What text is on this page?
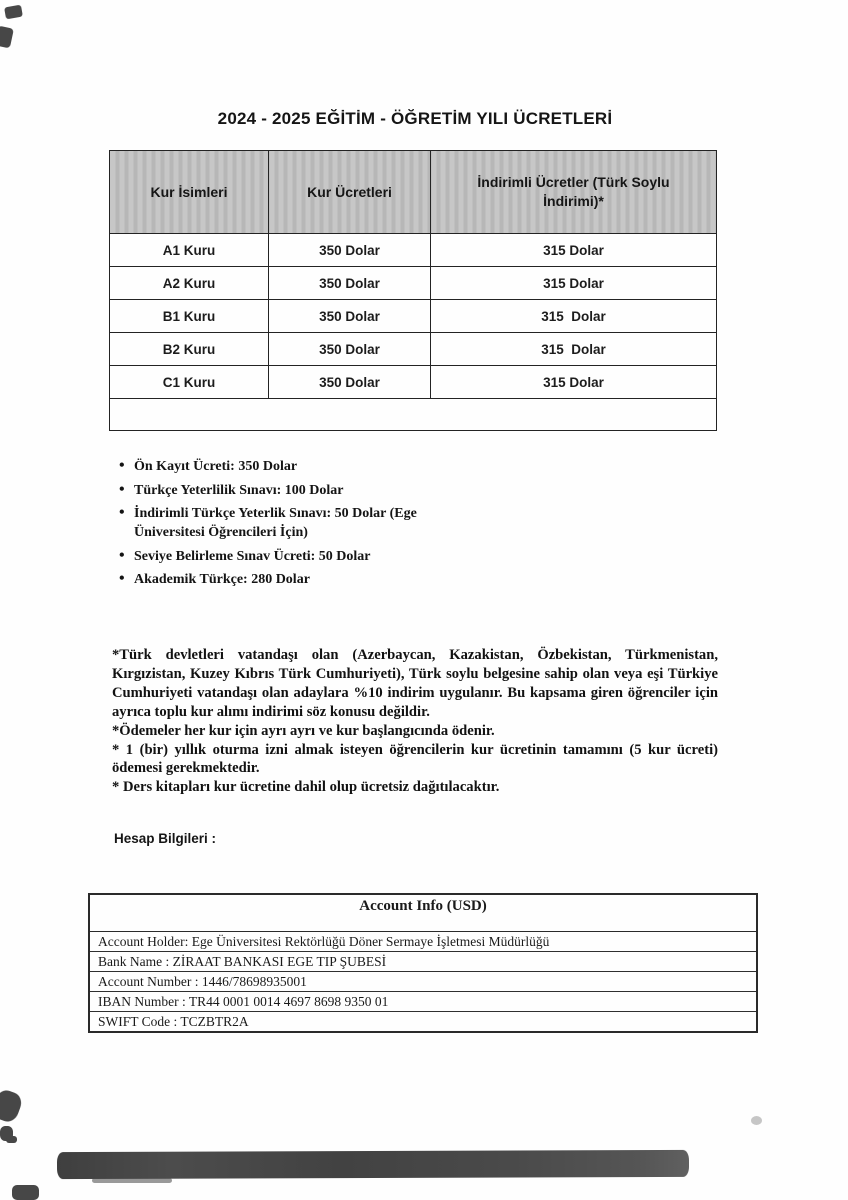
2024 - 2025 EĞİTİM - ÖĞRETİM YILI ÜCRETLERİ
Kur İsimleri	Kur Ücretleri	İndirimli Ücretler (Türk Soylu İndirimi)*

A1 Kuru	350 Dolar	315 Dolar
A2 Kuru	350 Dolar	315 Dolar
B1 Kuru	350 Dolar	315  Dolar
B2 Kuru	350 Dolar	315  Dolar
C1 Kuru	350 Dolar	315 Dolar

• Ön Kayıt Ücreti: 350 Dolar
• Türkçe Yeterlilik Sınavı: 100 Dolar
• İndirimli Türkçe Yeterlik Sınavı: 50 Dolar (Ege Üniversitesi Öğrencileri İçin)
• Seviye Belirleme Sınav Ücreti: 50 Dolar
• Akademik Türkçe: 280 Dolar

*Türk devletleri vatandaşı olan (Azerbaycan, Kazakistan, Özbekistan, Türkmenistan, Kırgızistan, Kuzey Kıbrıs Türk Cumhuriyeti), Türk soylu belgesine sahip olan veya eşi Türkiye Cumhuriyeti vatandaşı olan adaylara %10 indirim uygulanır. Bu kapsama giren öğrenciler için ayrıca toplu kur alımı indirimi söz konusu değildir.

*Ödemeler her kur için ayrı ayrı ve kur başlangıcında ödenir.

* 1 (bir) yıllık oturma izni almak isteyen öğrencilerin kur ücretinin tamamını (5 kur ücreti) ödemesi gerekmektedir.

* Ders kitapları kur ücretine dahil olup ücretsiz dağıtılacaktır.

Hesap Bilgileri :
Account Info (USD)
Account Holder: Ege Üniversitesi Rektörlüğü Döner Sermaye İşletmesi Müdürlüğü
Bank Name : ZİRAAT BANKASI EGE TIP ŞUBESİ
Account Number : 1446/78698935001
IBAN Number : TR44 0001 0014 4697 8698 9350 01
SWIFT Code : TCZBTR2A
